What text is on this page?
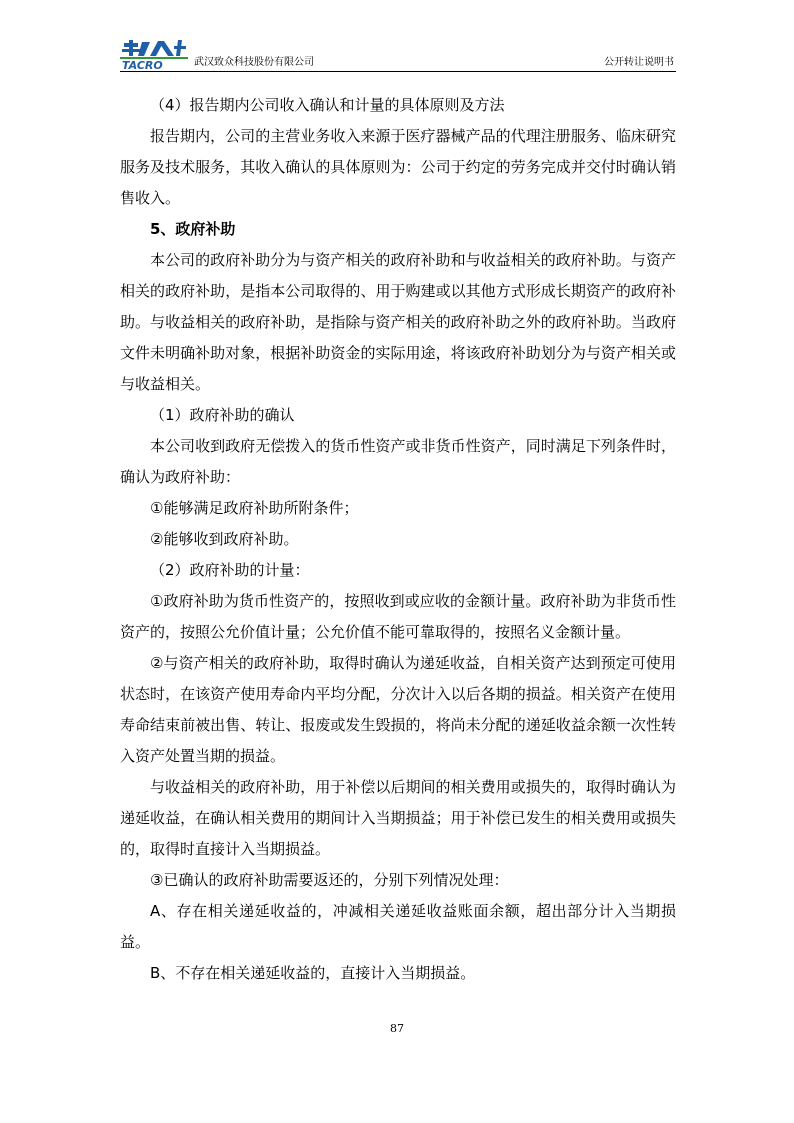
TACRO	武汉致众科技股份有限公司	公开转让说明书

（4）报告期内公司收入确认和计量的具体原则及方法

报告期内，公司的主营业务收入来源于医疗器械产品的代理注册服务、临床研究服务及技术服务，其收入确认的具体原则为：公司于约定的劳务完成并交付时确认销售收入。

5、政府补助

本公司的政府补助分为与资产相关的政府补助和与收益相关的政府补助。与资产相关的政府补助，是指本公司取得的、用于购建或以其他方式形成长期资产的政府补助。与收益相关的政府补助，是指除与资产相关的政府补助之外的政府补助。当政府文件未明确补助对象，根据补助资金的实际用途，将该政府补助划分为与资产相关或与收益相关。

（1）政府补助的确认

本公司收到政府无偿拨入的货币性资产或非货币性资产，同时满足下列条件时，确认为政府补助：

①能够满足政府补助所附条件；

②能够收到政府补助。

（2）政府补助的计量：

①政府补助为货币性资产的，按照收到或应收的金额计量。政府补助为非货币性资产的，按照公允价值计量；公允价值不能可靠取得的，按照名义金额计量。

②与资产相关的政府补助，取得时确认为递延收益，自相关资产达到预定可使用状态时，在该资产使用寿命内平均分配，分次计入以后各期的损益。相关资产在使用寿命结束前被出售、转让、报废或发生毁损的，将尚未分配的递延收益余额一次性转入资产处置当期的损益。

与收益相关的政府补助，用于补偿以后期间的相关费用或损失的，取得时确认为递延收益，在确认相关费用的期间计入当期损益；用于补偿已发生的相关费用或损失的，取得时直接计入当期损益。

③已确认的政府补助需要返还的，分别下列情况处理：

A、存在相关递延收益的，冲减相关递延收益账面余额，超出部分计入当期损益。

B、不存在相关递延收益的，直接计入当期损益。

87
